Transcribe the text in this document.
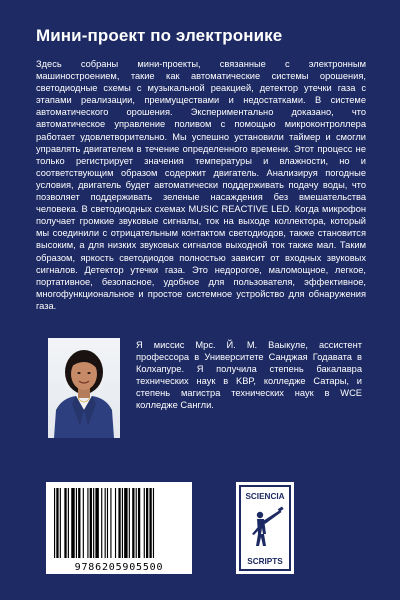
Мини-проект по электронике

Здесь собраны мини-проекты, связанные с электронным машиностроением, такие как автоматические системы орошения, светодиодные схемы с музыкальной реакцией, детектор утечки газа с этапами реализации, преимуществами и недостатками. В системе автоматического орошения. Экспериментально доказано, что автоматическое управление поливом с помощью микроконтроллера работает удовлетворительно. Мы успешно установили таймер и смогли управлять двигателем в течение определенного времени. Этот процесс не только регистрирует значения температуры и влажности, но и соответствующим образом содержит двигатель. Анализируя погодные условия, двигатель будет автоматически поддерживать подачу воды, что позволяет поддерживать зеленые насаждения без вмешательства человека. В светодиодных схемах MUSIC REACTIVE LED. Когда микрофон получает громкие звуковые сигналы, ток на выходе коллектора, который мы соединили с отрицательным контактом светодиодов, также становится высоким, а для низких звуковых сигналов выходной ток также мал. Таким образом, яркость светодиодов полностью зависит от входных звуковых сигналов. Детектор утечки газа. Это недорогое, маломощное, легкое, портативное, безопасное, удобное для пользователя, эффективное, многофункциональное и простое системное устройство для обнаружения газа.

Я миссис Мрс. Й. М. Ваыкуле, ассистент профессора в Университете Санджая Годавата в Колхапуре. Я получила степень бакалавра технических наук в KBP, колледже Сатары, и степень магистра технических наук в WCE колледже Сангли.

9786205905500
SCIENCIA
SCRIPTS
